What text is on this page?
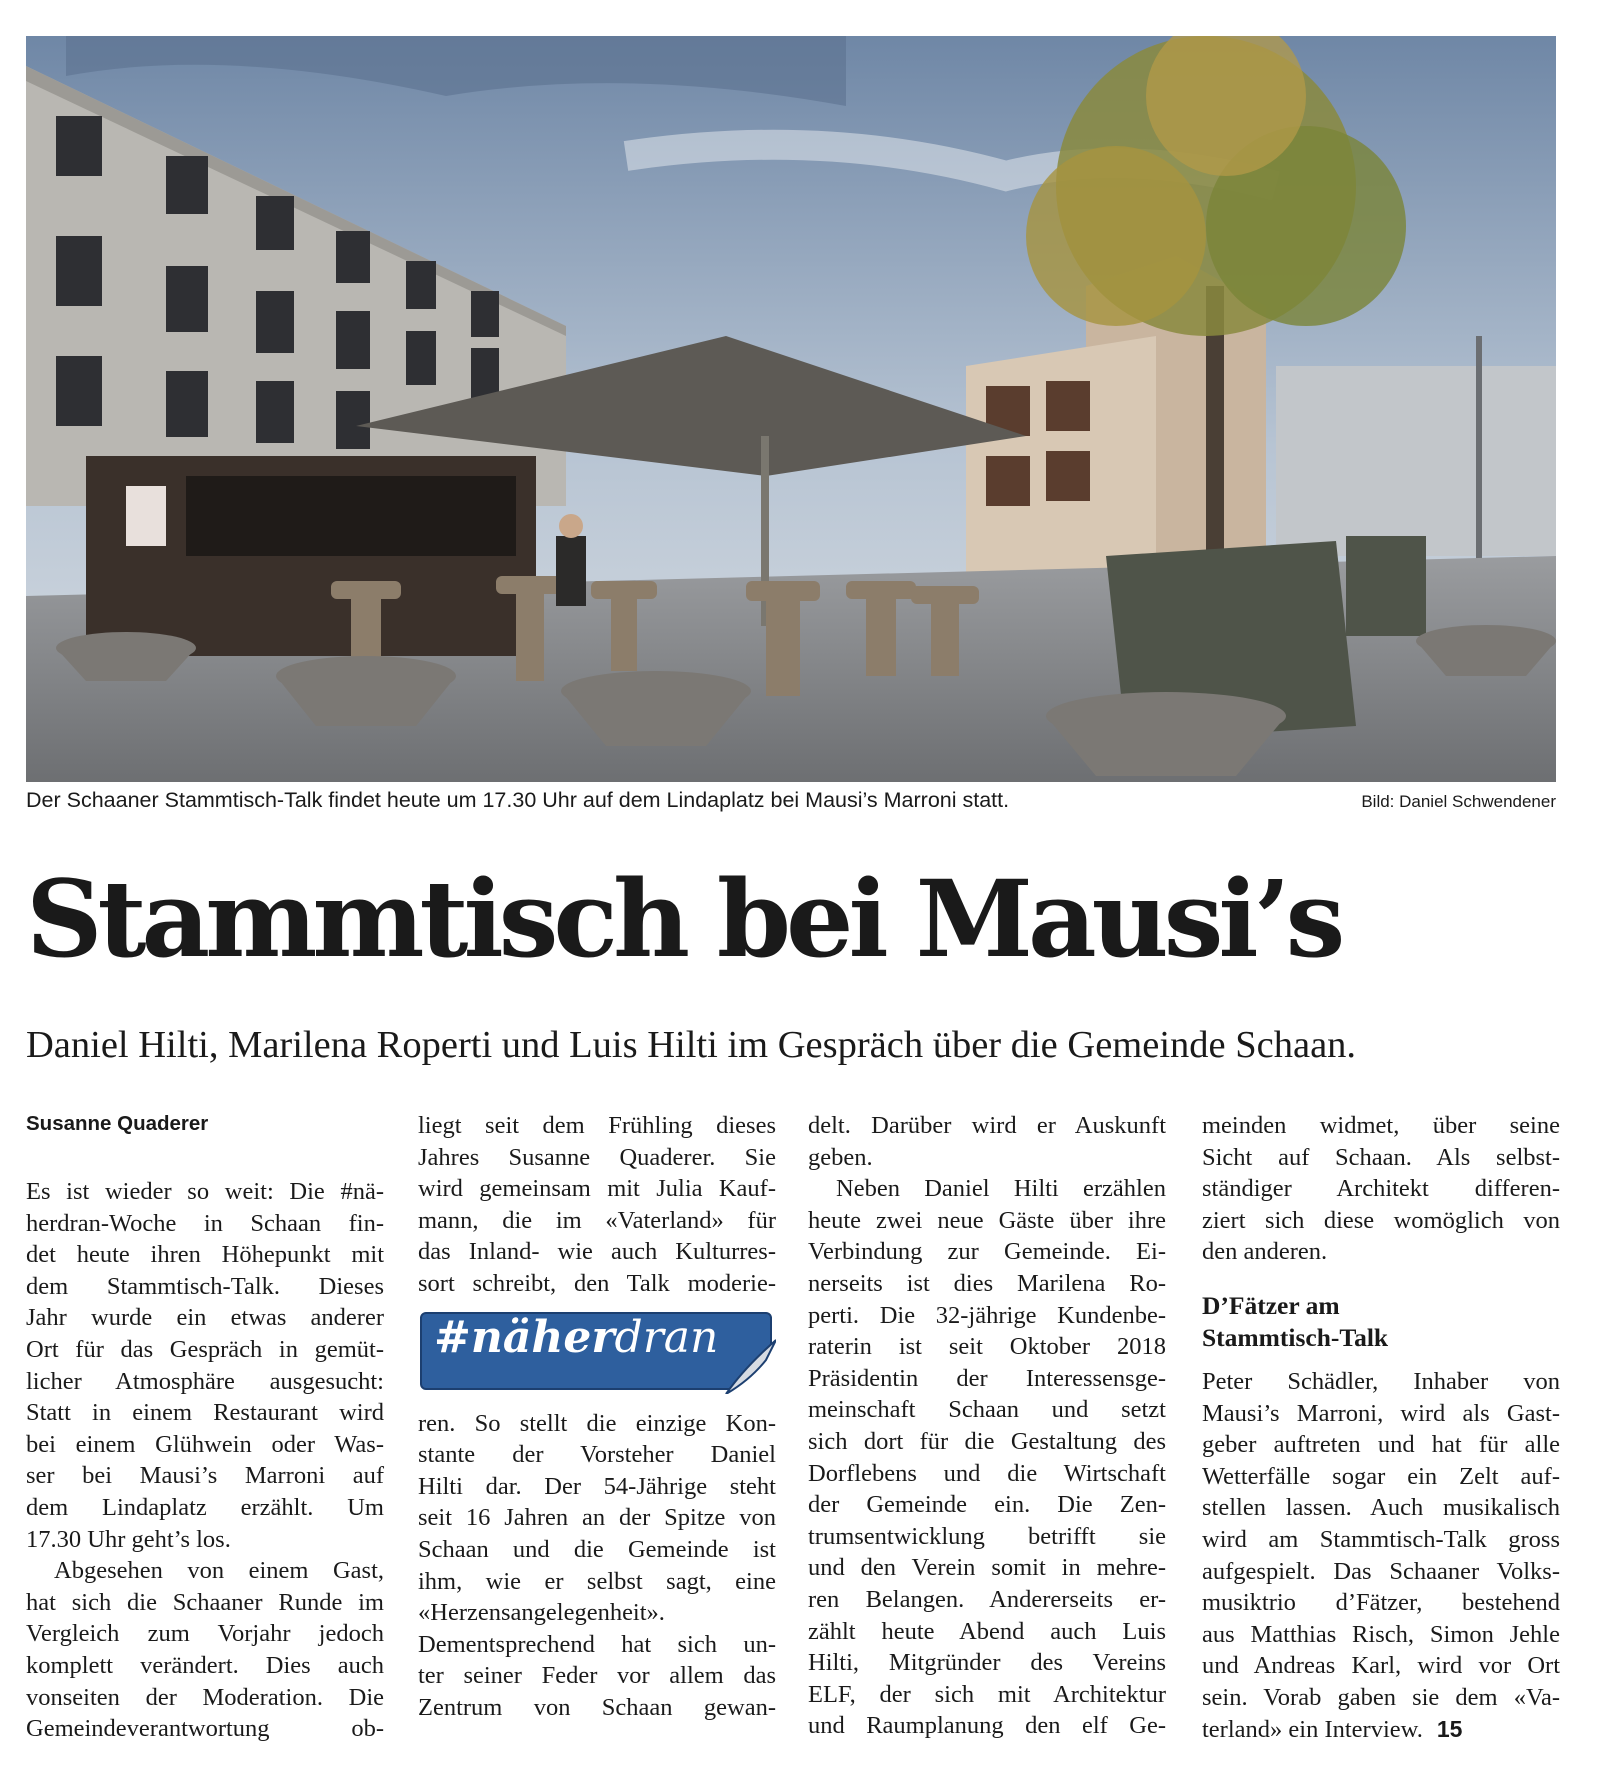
Der Schaaner Stammtisch-Talk findet heute um 17.30 Uhr auf dem Lindaplatz bei Mausi’s Marroni statt.	Bild: Daniel Schwendener
Stammtisch bei Mausi’s
Daniel Hilti, Marilena Roperti und Luis Hilti im Gespräch über die Gemeinde Schaan.
Susanne Quaderer

Es ist wieder so weit: Die #nä-

herdran-Woche in Schaan fin-

det heute ihren Höhepunkt mit

dem Stammtisch-Talk. Dieses

Jahr wurde ein etwas anderer

Ort für das Gespräch in gemüt-

licher Atmosphäre ausgesucht:

Statt in einem Restaurant wird

bei einem Glühwein oder Was-

ser bei Mausi’s Marroni auf

dem Lindaplatz erzählt. Um

17.30 Uhr geht’s los.

Abgesehen von einem Gast,

hat sich die Schaaner Runde im

Vergleich zum Vorjahr jedoch

komplett verändert. Dies auch

vonseiten der Moderation. Die

Gemeindeverantwortung ob-

liegt seit dem Frühling dieses

Jahres Susanne Quaderer. Sie

wird gemeinsam mit Julia Kauf-

mann, die im «Vaterland» für

das Inland- wie auch Kulturres-

sort schreibt, den Talk moderie-

#näherdran

ren. So stellt die einzige Kon-

stante der Vorsteher Daniel

Hilti dar. Der 54-Jährige steht

seit 16 Jahren an der Spitze von

Schaan und die Gemeinde ist

ihm, wie er selbst sagt, eine

«Herzensangelegenheit».

Dementsprechend hat sich un-

ter seiner Feder vor allem das

Zentrum von Schaan gewan-

delt. Darüber wird er Auskunft

geben.

Neben Daniel Hilti erzählen

heute zwei neue Gäste über ihre

Verbindung zur Gemeinde. Ei-

nerseits ist dies Marilena Ro-

perti. Die 32-jährige Kundenbe-

raterin ist seit Oktober 2018

Präsidentin der Interessensge-

meinschaft Schaan und setzt

sich dort für die Gestaltung des

Dorflebens und die Wirtschaft

der Gemeinde ein. Die Zen-

trumsentwicklung betrifft sie

und den Verein somit in mehre-

ren Belangen. Andererseits er-

zählt heute Abend auch Luis

Hilti, Mitgründer des Vereins

ELF, der sich mit Architektur

und Raumplanung den elf Ge-

meinden widmet, über seine

Sicht auf Schaan. Als selbst-

ständiger Architekt differen-

ziert sich diese womöglich von

den anderen.

D’Fätzer am
Stammtisch-Talk

Peter Schädler, Inhaber von

Mausi’s Marroni, wird als Gast-

geber auftreten und hat für alle

Wetterfälle sogar ein Zelt auf-

stellen lassen. Auch musikalisch

wird am Stammtisch-Talk gross

aufgespielt. Das Schaaner Volks-

musiktrio d’Fätzer, bestehend

aus Matthias Risch, Simon Jehle

und Andreas Karl, wird vor Ort

sein. Vorab gaben sie dem «Va-

terland» ein Interview. 15
